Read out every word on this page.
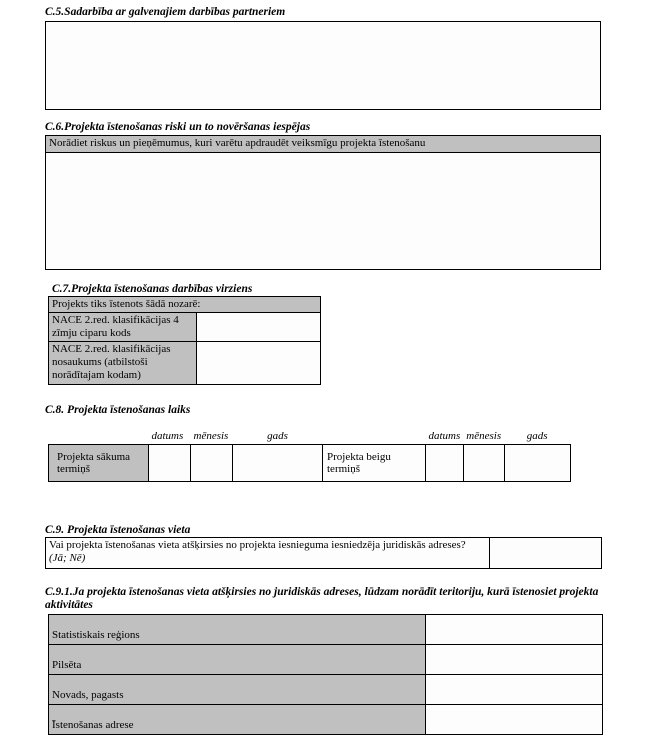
C.5.Sadarbība ar galvenajiem darbības partneriem
C.6.Projekta īstenošanas riski un to novēršanas iespējas
Norādiet riskus un pieņēmumus, kuri varētu apdraudēt veiksmīgu projekta īstenošanu
C.7.Projekta īstenošanas darbības virziens
Projekts tiks īstenots šādā nozarē:	
NACE 2.red. klasifikācijas 4 zīmju ciparu kods	
NACE 2.red. klasifikācijas nosaukums (atbilstoši norādītajam kodam)	
C.8. Projekta īstenošanas laiks
	datums	mēnesis	gads		datums	mēnesis	gads
Projekta sākuma termiņš				Projekta beigu termiņš			
C.9. Projekta īstenošanas vieta
Vai projekta īstenošanas vieta atšķirsies no projekta iesnieguma iesniedzēja juridiskās adreses?
(Jā; Nē)

C.9.1.Ja projekta īstenošanas vieta atšķirsies no juridiskās adreses, lūdzam norādīt teritoriju, kurā īstenosiet projekta aktivitātes
Statistiskais reģions	
Pilsēta	
Novads, pagasts	
Īstenošanas adrese	
